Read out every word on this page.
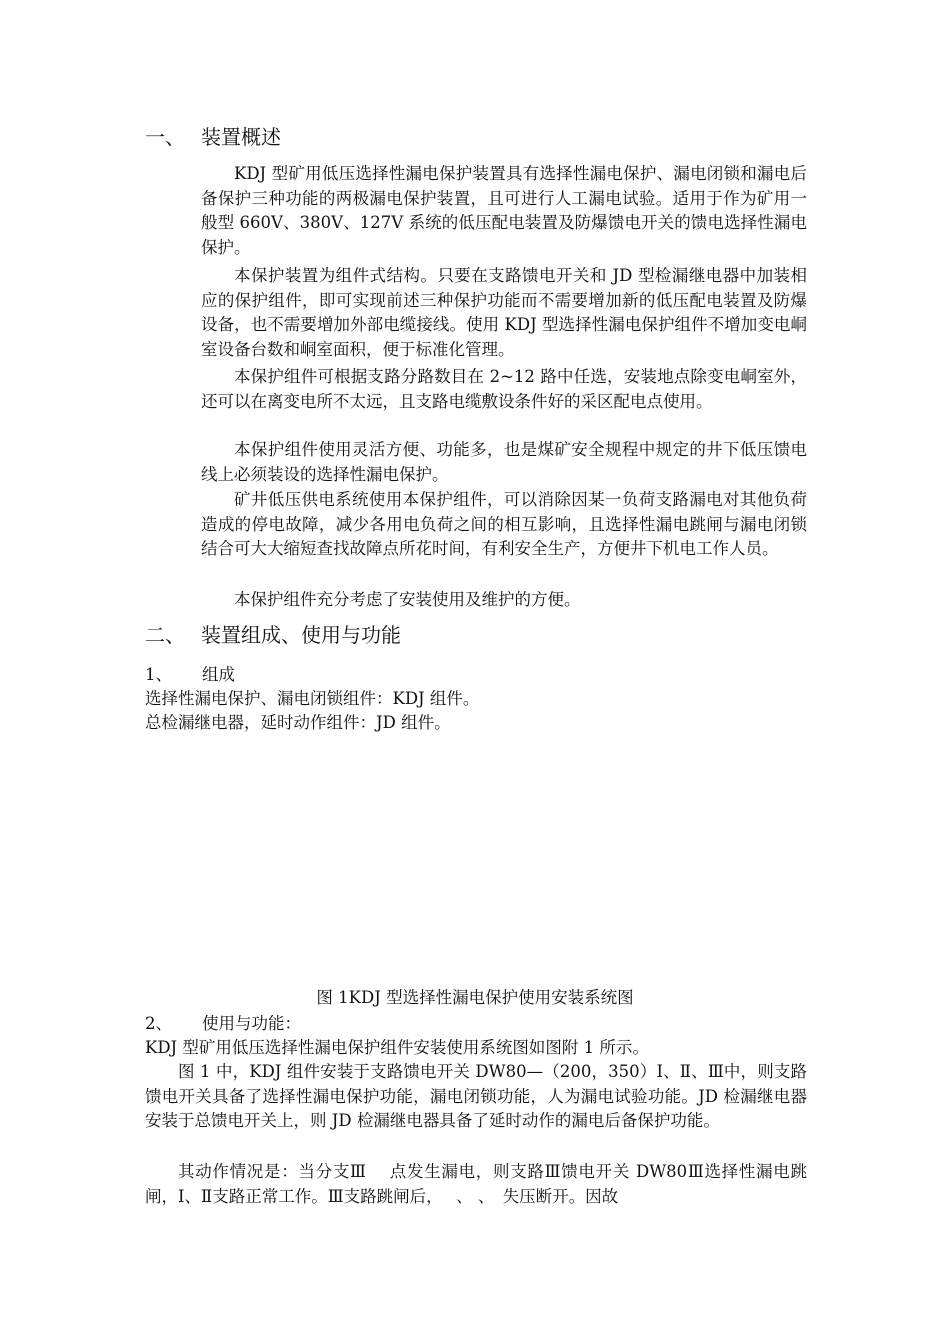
一、 装置概述

KDJ 型矿用低压选择性漏电保护装置具有选择性漏电保护、漏电闭锁和漏电后备保护三种功能的两极漏电保护装置，且可进行人工漏电试验。适用于作为矿用一般型 660V、380V、127V 系统的低压配电装置及防爆馈电开关的馈电选择性漏电保护。

本保护装置为组件式结构。只要在支路馈电开关和 JD 型检漏继电器中加装相应的保护组件，即可实现前述三种保护功能而不需要增加新的低压配电装置及防爆设备，也不需要增加外部电缆接线。使用 KDJ 型选择性漏电保护组件不增加变电峒室设备台数和峒室面积，便于标准化管理。

本保护组件可根据支路分路数目在 2~12 路中任选，安装地点除变电峒室外，还可以在离变电所不太远，且支路电缆敷设条件好的采区配电点使用。

本保护组件使用灵活方便、功能多，也是煤矿安全规程中规定的井下低压馈电线上必须装设的选择性漏电保护。

矿井低压供电系统使用本保护组件，可以消除因某一负荷支路漏电对其他负荷造成的停电故障，减少各用电负荷之间的相互影响，且选择性漏电跳闸与漏电闭锁结合可大大缩短查找故障点所花时间，有利安全生产，方便井下机电工作人员。

本保护组件充分考虑了安装使用及维护的方便。

二、 装置组成、使用与功能
1、 组成
选择性漏电保护、漏电闭锁组件：KDJ 组件。
总检漏继电器，延时动作组件：JD 组件。
图 1KDJ 型选择性漏电保护使用安装系统图
2、 使用与功能：
KDJ 型矿用低压选择性漏电保护组件安装使用系统图如图附 1 所示。

图 1 中，KDJ 组件安装于支路馈电开关 DW80—（200，350）Ⅰ、Ⅱ、Ⅲ中，则支路馈电开关具备了选择性漏电保护功能，漏电闭锁功能，人为漏电试验功能。JD 检漏继电器安装于总馈电开关上，则 JD 检漏继电器具备了延时动作的漏电后备保护功能。

其动作情况是：当分支Ⅲ　 点发生漏电，则支路Ⅲ馈电开关 DW80Ⅲ选择性漏电跳闸，Ⅰ、Ⅱ支路正常工作。Ⅲ支路跳闸后，　 、 、　失压断开。因故
